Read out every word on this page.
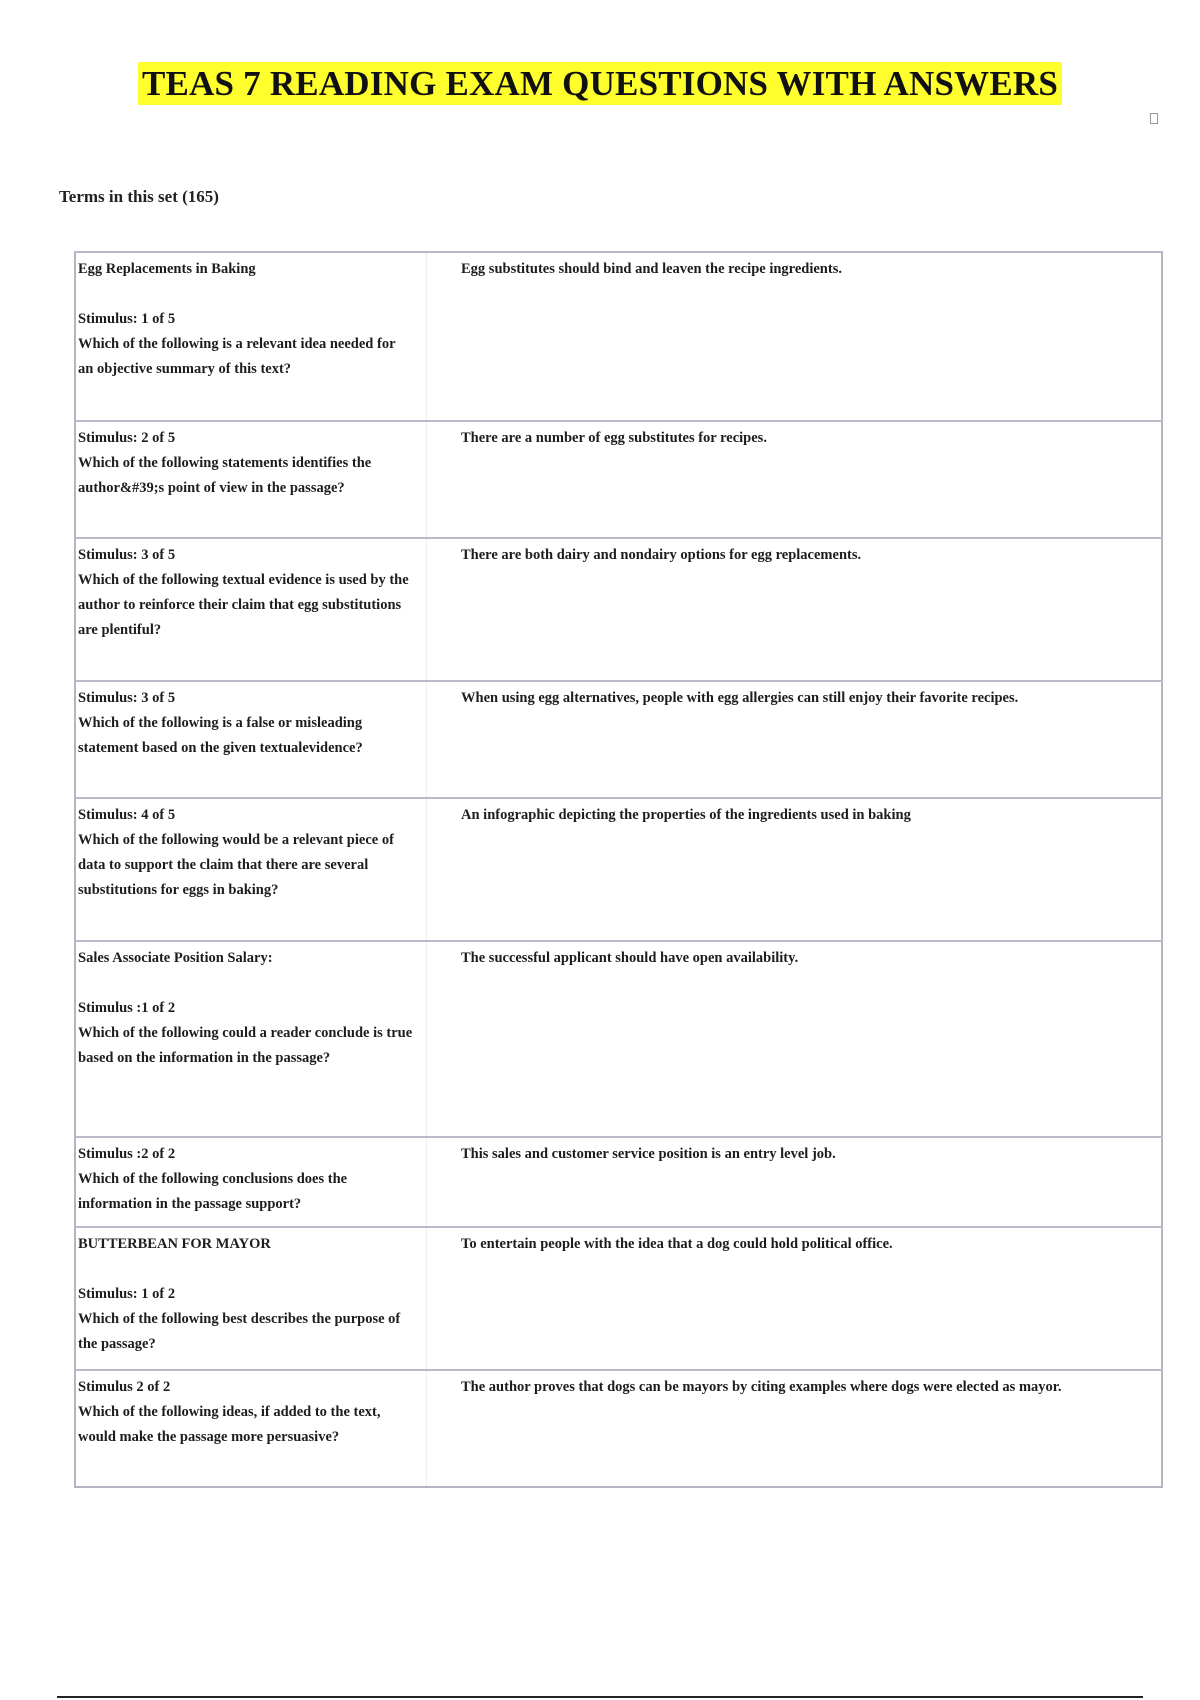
TEAS 7 READING EXAM QUESTIONS WITH ANSWERS
Terms in this set (165)
Egg Replacements in Baking
Stimulus: 1 of 5
Which of the following is a relevant idea needed for an objective summary of this text?	Egg substitutes should bind and leaven the recipe ingredients.

Stimulus: 2 of 5
Which of the following statements identifies the author&#39;s point of view in the passage?	There are a number of egg substitutes for recipes.

Stimulus: 3 of 5
Which of the following textual evidence is used by the author to reinforce their claim that egg substitutions are plentiful?	There are both dairy and nondairy options for egg replacements.

Stimulus: 3 of 5
Which of the following is a false or misleading statement based on the given textualevidence?	When using egg alternatives, people with egg allergies can still enjoy their favorite recipes.

Stimulus: 4 of 5
Which of the following would be a relevant piece of data to support the claim that there are several substitutions for eggs in baking?	An infographic depicting the properties of the ingredients used in baking

Sales Associate Position Salary:
Stimulus :1 of 2
Which of the following could a reader conclude is true based on the information in the passage?	The successful applicant should have open availability.

Stimulus :2 of 2
Which of the following conclusions does the information in the passage support?	This sales and customer service position is an entry level job.

BUTTERBEAN FOR MAYOR
Stimulus: 1 of 2
Which of the following best describes the purpose of the passage?	To entertain people with the idea that a dog could hold political office.

Stimulus 2 of 2
Which of the following ideas, if added to the text, would make the passage more persuasive?	The author proves that dogs can be mayors by citing examples where dogs were elected as mayor.
